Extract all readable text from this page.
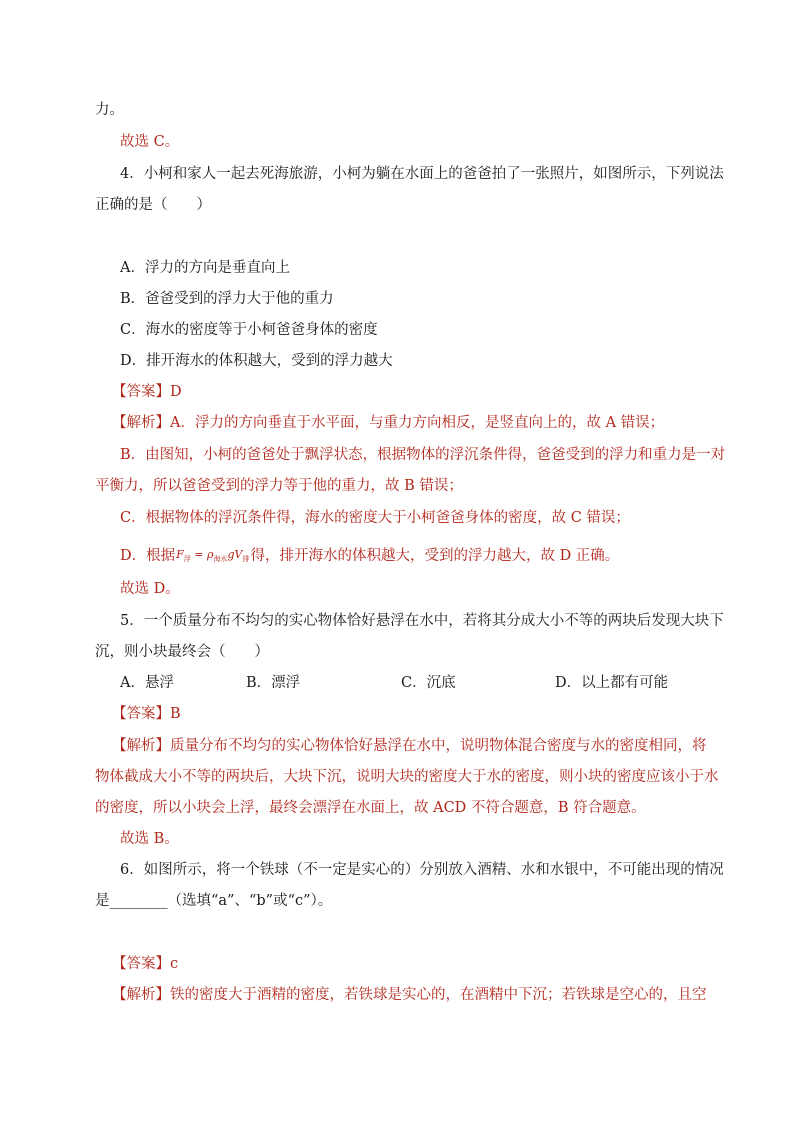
力。
故选 C。
4．小柯和家人一起去死海旅游，小柯为躺在水面上的爸爸拍了一张照片，如图所示，下列说法
正确的是（　　）
A．浮力的方向是垂直向上
B．爸爸受到的浮力大于他的重力
C．海水的密度等于小柯爸爸身体的密度
D．排开海水的体积越大，受到的浮力越大
【答案】D
【解析】A．浮力的方向垂直于水平面，与重力方向相反，是竖直向上的，故 A 错误；
B．由图知，小柯的爸爸处于飘浮状态，根据物体的浮沉条件得，爸爸受到的浮力和重力是一对
平衡力，所以爸爸受到的浮力等于他的重力，故 B 错误；
C．根据物体的浮沉条件得，海水的密度大于小柯爸爸身体的密度，故 C 错误；
D．根据$F_浮 = \rho_{海水}gV_排$得，排开海水的体积越大，受到的浮力越大，故 D 正确。
故选 D。
5．一个质量分布不均匀的实心物体恰好悬浮在水中，若将其分成大小不等的两块后发现大块下
沉，则小块最终会（　　）
A．悬浮	B．漂浮	C．沉底	D．以上都有可能
【答案】B
【解析】质量分布不均匀的实心物体恰好悬浮在水中，说明物体混合密度与水的密度相同，将
物体截成大小不等的两块后，大块下沉，说明大块的密度大于水的密度，则小块的密度应该小于水
的密度，所以小块会上浮，最终会漂浮在水面上，故 ACD 不符合题意，B 符合题意。
故选 B。
6．如图所示，将一个铁球（不一定是实心的）分别放入酒精、水和水银中，不可能出现的情况
是________（选填“a”、“b”或“c”）。
【答案】c
【解析】铁的密度大于酒精的密度，若铁球是实心的，在酒精中下沉；若铁球是空心的，且空
